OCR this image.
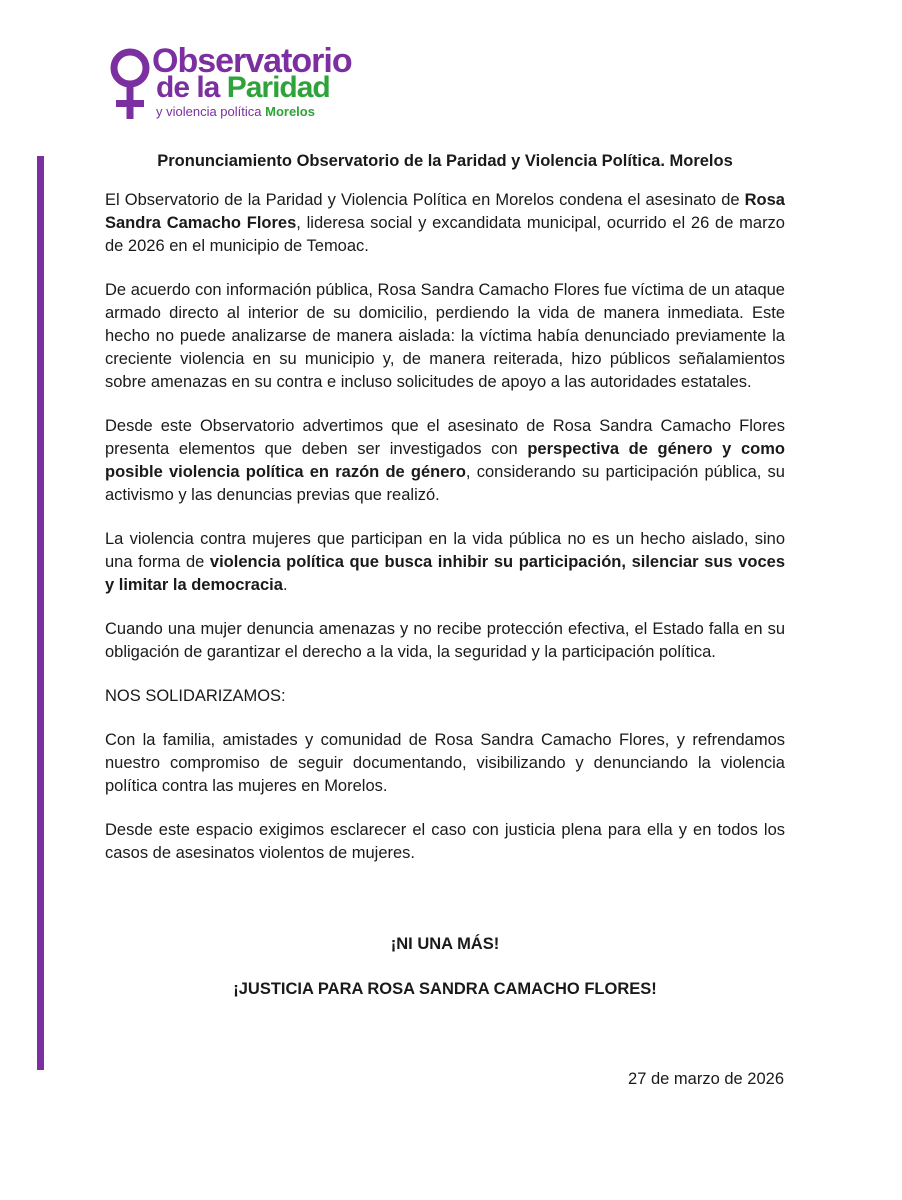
Observatorio
de la Paridad
y violencia política Morelos
Pronunciamiento Observatorio de la Paridad y Violencia Política. Morelos

El Observatorio de la Paridad y Violencia Política en Morelos condena el asesinato de Rosa Sandra Camacho Flores, lideresa social y excandidata municipal, ocurrido el 26 de marzo de 2026 en el municipio de Temoac.

De acuerdo con información pública, Rosa Sandra Camacho Flores fue víctima de un ataque armado directo al interior de su domicilio, perdiendo la vida de manera inmediata. Este hecho no puede analizarse de manera aislada: la víctima había denunciado previamente la creciente violencia en su municipio y, de manera reiterada, hizo públicos señalamientos sobre amenazas en su contra e incluso solicitudes de apoyo a las autoridades estatales.

Desde este Observatorio advertimos que el asesinato de Rosa Sandra Camacho Flores presenta elementos que deben ser investigados con perspectiva de género y como posible violencia política en razón de género, considerando su participación pública, su activismo y las denuncias previas que realizó.

La violencia contra mujeres que participan en la vida pública no es un hecho aislado, sino una forma de violencia política que busca inhibir su participación, silenciar sus voces y limitar la democracia.

Cuando una mujer denuncia amenazas y no recibe protección efectiva, el Estado falla en su obligación de garantizar el derecho a la vida, la seguridad y la participación política.

NOS SOLIDARIZAMOS:

Con la familia, amistades y comunidad de Rosa Sandra Camacho Flores, y refrendamos nuestro compromiso de seguir documentando, visibilizando y denunciando la violencia política contra las mujeres en Morelos.

Desde este espacio exigimos esclarecer el caso con justicia plena para ella y en todos los casos de asesinatos violentos de mujeres.

¡NI UNA MÁS!
¡JUSTICIA PARA ROSA SANDRA CAMACHO FLORES!
27 de marzo de 2026
